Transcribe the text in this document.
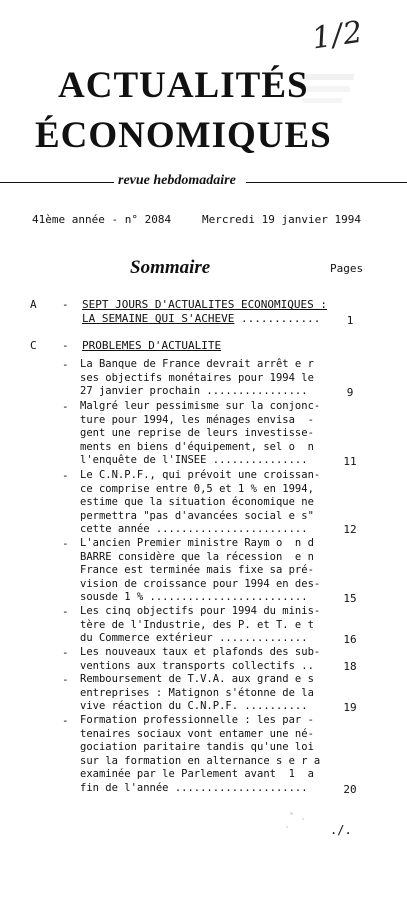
1/2
ACTUALITÉS
ÉCONOMIQUES
revue hebdomadaire
41ème année - n° 2084	Mercredi 19 janvier 1994
Sommaire	Pages
A - SEPT JOURS D'ACTUALITES ECONOMIQUES :
LA SEMAINE QUI S'ACHEVE ............	1
C - PROBLEMES D'ACTUALITE
- La Banque de France devrait arrêt e r
ses objectifs monétaires pour 1994 le
27 janvier prochain ................	9
- Malgré leur pessimisme sur la conjonc-
ture pour 1994, les ménages envisa  -
gent une reprise de leurs investisse-
ments en biens d'équipement, sel o  n
l'enquête de l'INSEE ...............	11
- Le C.N.P.F., qui prévoit une croissan-
ce comprise entre 0,5 et 1 % en 1994,
estime que la situation économique ne
permettra "pas d'avancées social e s"
cette année ........................	12
- L'ancien Premier ministre Raym o  n d
BARRE considère que la récession  e n
France est terminée mais fixe sa pré-
vision de croissance pour 1994 en des-
sousde 1 % .........................	15
- Les cinq objectifs pour 1994 du minis-
tère de l'Industrie, des P. et T. e t
du Commerce extérieur ..............	16
- Les nouveaux taux et plafonds des sub-
ventions aux transports collectifs ..	18
- Remboursement de T.V.A. aux grand e s
entreprises : Matignon s'étonne de la
vive réaction du C.N.P.F. ..........	19
- Formation professionnelle : les par -
tenaires sociaux vont entamer une né-
gociation paritaire tandis qu'une loi
sur la formation en alternance s e r a
examinée par le Parlement avant  1  a
fin de l'année .....................	20
./.
